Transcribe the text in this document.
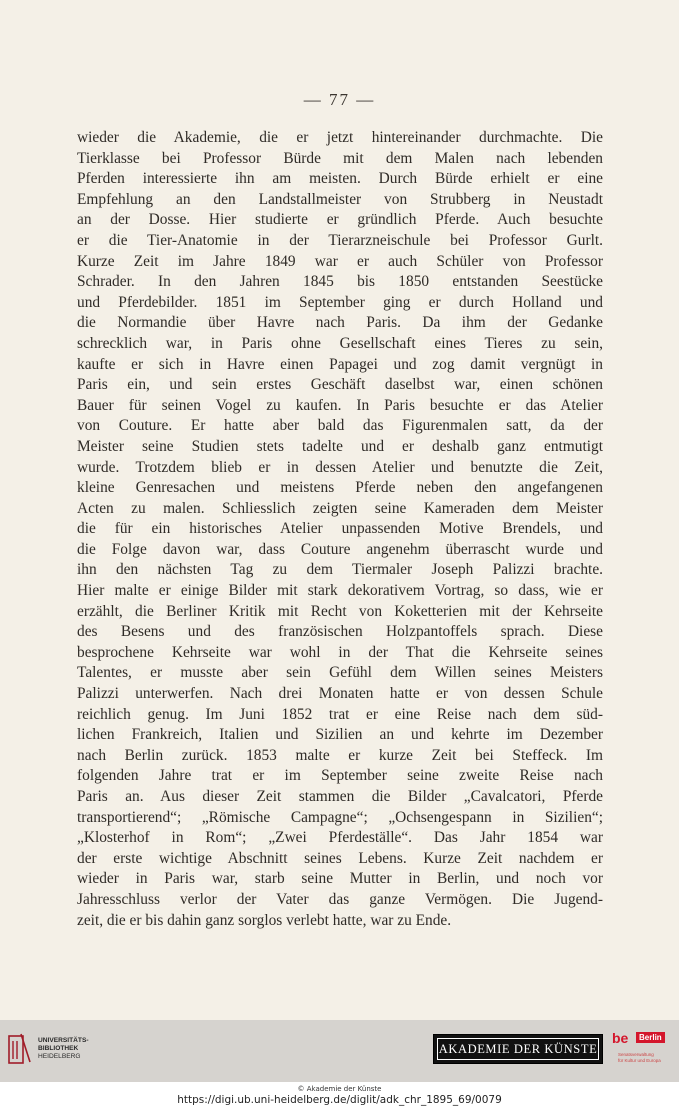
— 77 —
wieder die Akademie, die er jetzt hintereinander durchmachte. Die
Tierklasse bei Professor Bürde mit dem Malen nach lebenden
Pferden interessierte ihn am meisten. Durch Bürde erhielt er eine
Empfehlung an den Landstallmeister von Strubberg in Neustadt
an der Dosse. Hier studierte er gründlich Pferde. Auch besuchte
er die Tier-Anatomie in der Tierarzneischule bei Professor Gurlt.
Kurze Zeit im Jahre 1849 war er auch Schüler von Professor
Schrader. In den Jahren 1845 bis 1850 entstanden Seestücke
und Pferdebilder. 1851 im September ging er durch Holland und
die Normandie über Havre nach Paris. Da ihm der Gedanke
schrecklich war, in Paris ohne Gesellschaft eines Tieres zu sein,
kaufte er sich in Havre einen Papagei und zog damit vergnügt in
Paris ein, und sein erstes Geschäft daselbst war, einen schönen
Bauer für seinen Vogel zu kaufen. In Paris besuchte er das Atelier
von Couture. Er hatte aber bald das Figurenmalen satt, da der
Meister seine Studien stets tadelte und er deshalb ganz entmutigt
wurde. Trotzdem blieb er in dessen Atelier und benutzte die Zeit,
kleine Genresachen und meistens Pferde neben den angefangenen
Acten zu malen. Schliesslich zeigten seine Kameraden dem Meister
die für ein historisches Atelier unpassenden Motive Brendels, und
die Folge davon war, dass Couture angenehm überrascht wurde und
ihn den nächsten Tag zu dem Tiermaler Joseph Palizzi brachte.
Hier malte er einige Bilder mit stark dekorativem Vortrag, so dass, wie er
erzählt, die Berliner Kritik mit Recht von Koketterien mit der Kehrseite
des Besens und des französischen Holzpantoffels sprach. Diese
besprochene Kehrseite war wohl in der That die Kehrseite seines
Talentes, er musste aber sein Gefühl dem Willen seines Meisters
Palizzi unterwerfen. Nach drei Monaten hatte er von dessen Schule
reichlich genug. Im Juni 1852 trat er eine Reise nach dem süd-
lichen Frankreich, Italien und Sizilien an und kehrte im Dezember
nach Berlin zurück. 1853 malte er kurze Zeit bei Steffeck. Im
folgenden Jahre trat er im September seine zweite Reise nach
Paris an. Aus dieser Zeit stammen die Bilder „Cavalcatori, Pferde
transportierend“; „Römische Campagne“; „Ochsengespann in Sizilien“;
„Klosterhof in Rom“; „Zwei Pferdeställe“. Das Jahr 1854 war
der erste wichtige Abschnitt seines Lebens. Kurze Zeit nachdem er
wieder in Paris war, starb seine Mutter in Berlin, und noch vor
Jahresschluss verlor der Vater das ganze Vermögen. Die Jugend-
zeit, die er bis dahin ganz sorglos verlebt hatte, war zu Ende.
UNIVERSITÄTS-
BIBLIOTHEK
HEIDELBERG
AKADEMIE DER KÜNSTE
be	Berlin
Senatsverwaltung
für Kultur und Europa
© Akademie der Künste
https://digi.ub.uni-heidelberg.de/diglit/adk_chr_1895_69/0079
